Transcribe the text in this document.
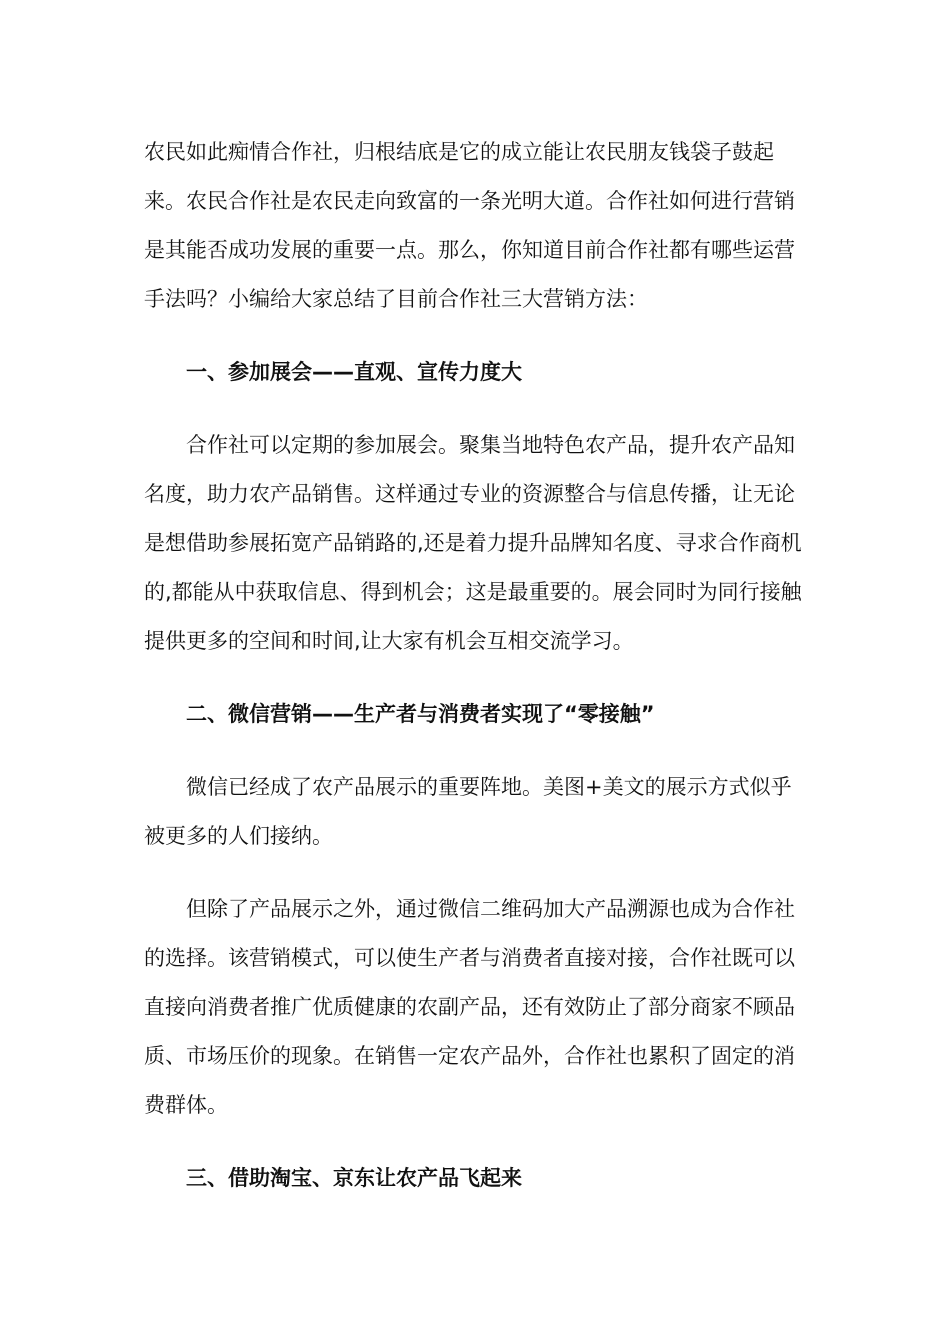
农民如此痴情合作社，归根结底是它的成立能让农民朋友钱袋子鼓起来。农民合作社是农民走向致富的一条光明大道。合作社如何进行营销是其能否成功发展的重要一点。那么，你知道目前合作社都有哪些运营手法吗？小编给大家总结了目前合作社三大营销方法：

一、参加展会——直观、宣传力度大

合作社可以定期的参加展会。聚集当地特色农产品，提升农产品知名度，助力农产品销售。这样通过专业的资源整合与信息传播，让无论是想借助参展拓宽产品销路的,还是着力提升品牌知名度、寻求合作商机的,都能从中获取信息、得到机会；这是最重要的。展会同时为同行接触提供更多的空间和时间,让大家有机会互相交流学习。

二、微信营销——生产者与消费者实现了“零接触”

微信已经成了农产品展示的重要阵地。美图+美文的展示方式似乎被更多的人们接纳。

但除了产品展示之外，通过微信二维码加大产品溯源也成为合作社的选择。该营销模式，可以使生产者与消费者直接对接，合作社既可以直接向消费者推广优质健康的农副产品，还有效防止了部分商家不顾品质、市场压价的现象。在销售一定农产品外，合作社也累积了固定的消费群体。

三、借助淘宝、京东让农产品飞起来
